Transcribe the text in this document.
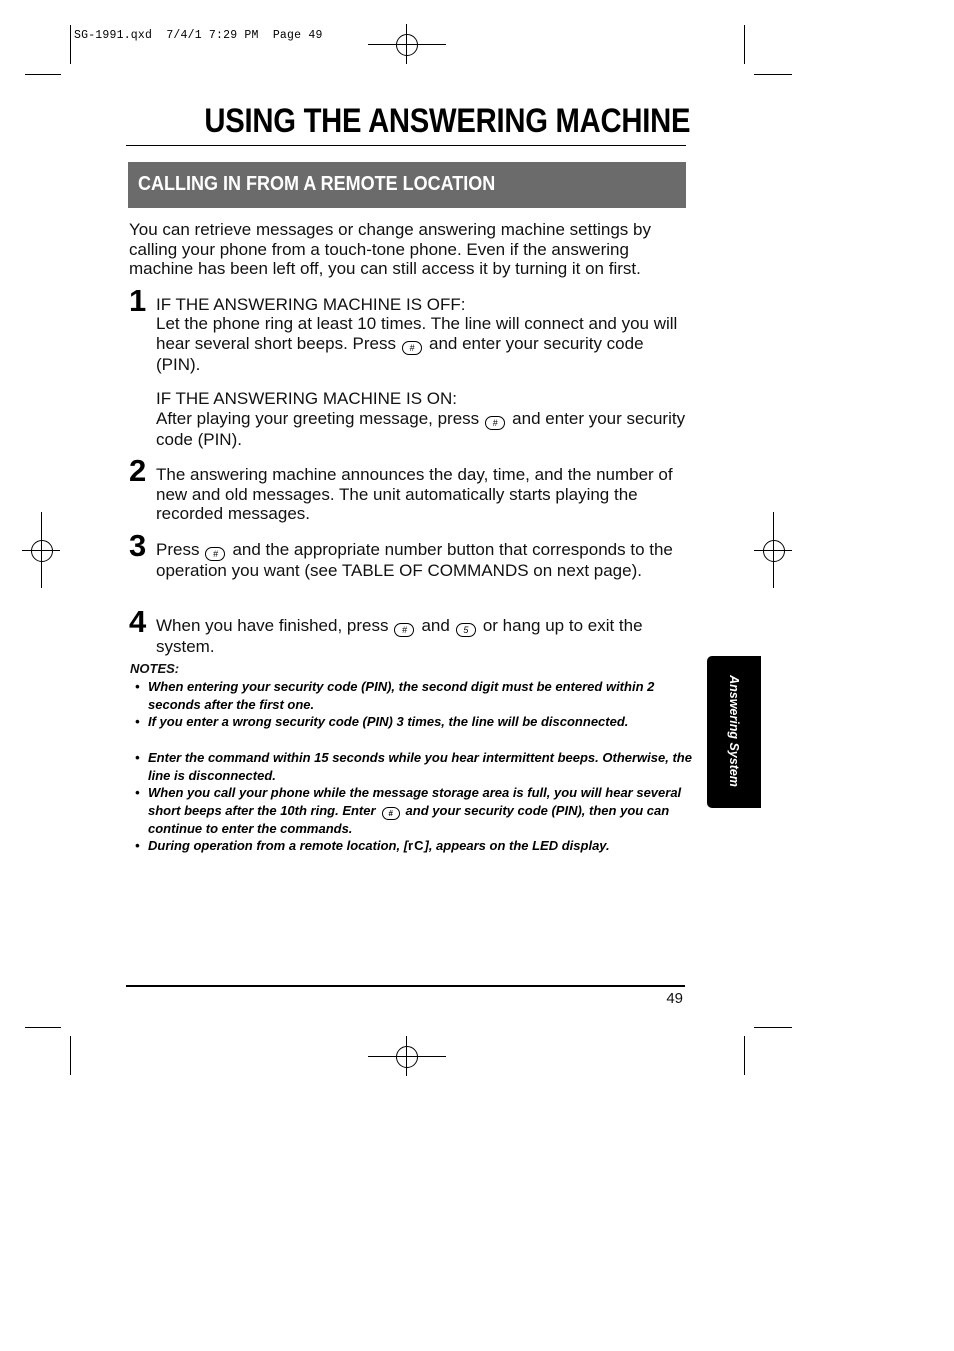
SG-1991.qxd  7/4/1 7:29 PM  Page 49
USING THE ANSWERING MACHINE
CALLING IN FROM A REMOTE LOCATION
You can retrieve messages or change answering machine settings by calling your phone from a touch-tone phone. Even if the answering machine has been left off, you can still access it by turning it on first.
1 IF THE ANSWERING MACHINE IS OFF:
Let the phone ring at least 10 times. The line will connect and you will hear several short beeps. Press # and enter your security code (PIN).
IF THE ANSWERING MACHINE IS ON:
After playing your greeting message, press # and enter your security code (PIN).
2 The answering machine announces the day, time, and the number of new and old messages. The unit automatically starts playing the recorded messages.
3 Press # and the appropriate number button that corresponds to the operation you want (see TABLE OF COMMANDS on next page).
4 When you have finished, press # and 5 or hang up to exit the system.
NOTES:
• When entering your security code (PIN), the second digit must be entered within 2 seconds after the first one.
• If you enter a wrong security code (PIN) 3 times, the line will be disconnected.
• Enter the command within 15 seconds while you hear intermittent beeps. Otherwise, the line is disconnected.
• When you call your phone while the message storage area is full, you will hear several short beeps after the 10th ring. Enter # and your security code (PIN), then you can continue to enter the commands.
• During operation from a remote location, [rC], appears on the LED display.
Answering System
49
